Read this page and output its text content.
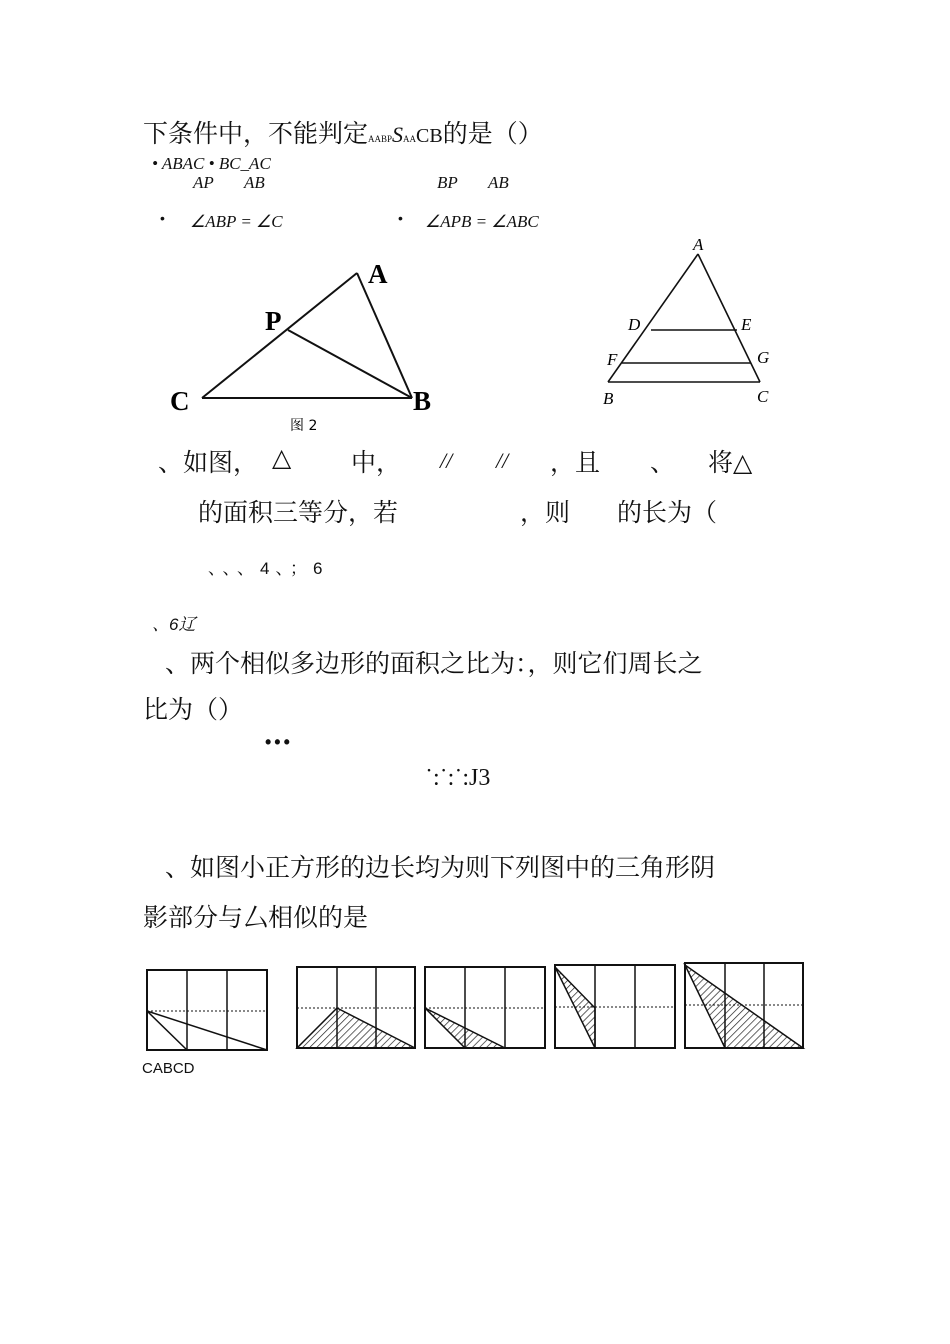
下条件中，不能判定AABPSAACB的是（）
• ABAC • BC_AC
AP AB	BP AB
• ∠ABP = ∠C	• ∠APB = ∠ABC
A
P
C	B
图 2
A
D	E
F	G
B	C
、如图， △ 中， // // ，且 、 将△
的面积三等分，若	，则 的长为（
、、、4、；6
、6辽
、两个相似多边形的面积之比为：，则它们周长之
比为（）
•••
˙:˙:˙:J3
、如图小正方形的边长均为则下列图中的三角形阴
影部分与厶相似的是
CABCD
